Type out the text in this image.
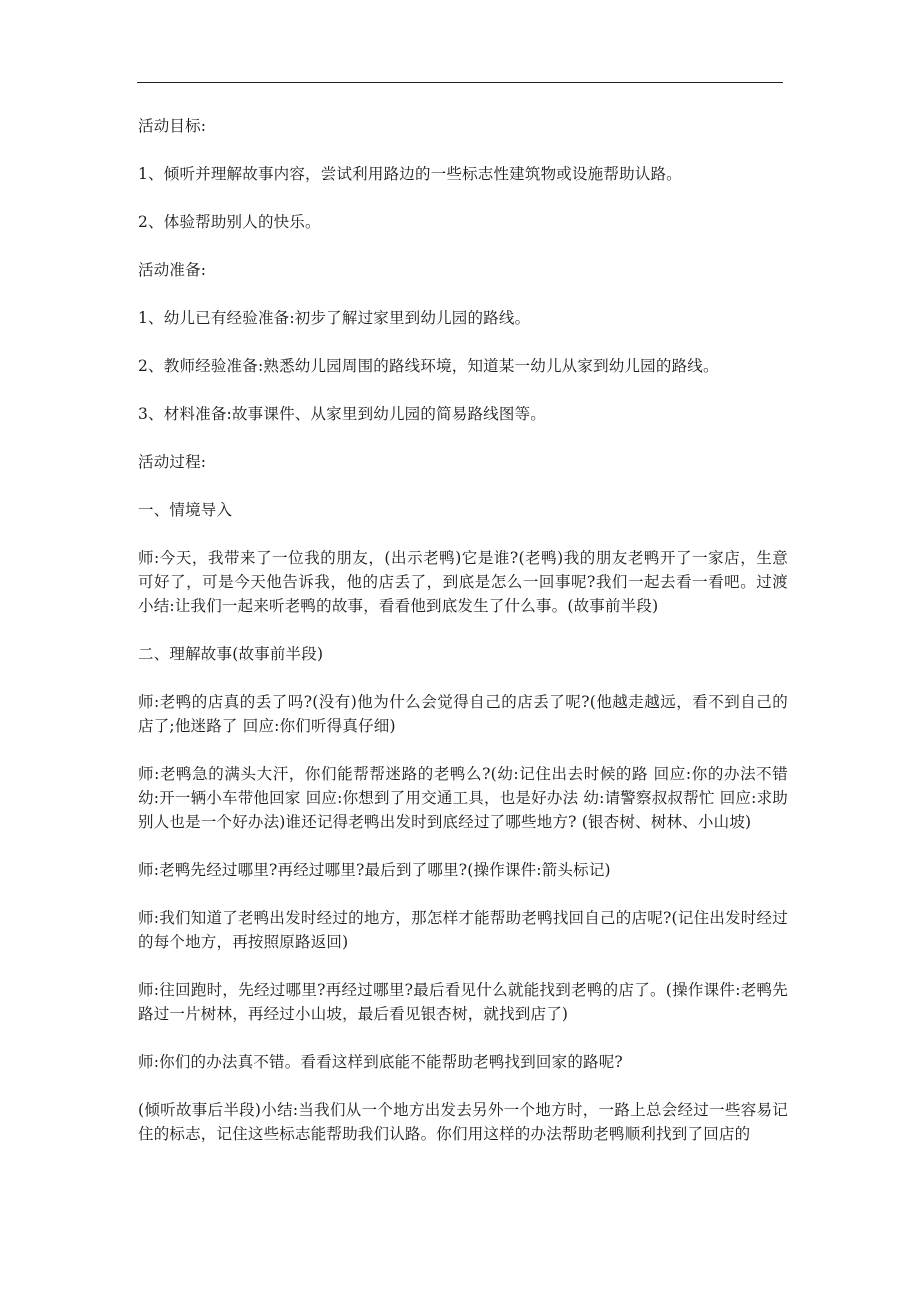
活动目标:

1、倾听并理解故事内容，尝试利用路边的一些标志性建筑物或设施帮助认路。

2、体验帮助别人的快乐。

活动准备:

1、幼儿已有经验准备:初步了解过家里到幼儿园的路线。

2、教师经验准备:熟悉幼儿园周围的路线环境，知道某一幼儿从家到幼儿园的路线。

3、材料准备:故事课件、从家里到幼儿园的简易路线图等。

活动过程:

一、情境导入

师:今天，我带来了一位我的朋友，(出示老鸭)它是谁?(老鸭)我的朋友老鸭开了一家店，生意可好了，可是今天他告诉我，他的店丢了，到底是怎么一回事呢?我们一起去看一看吧。过渡小结:让我们一起来听老鸭的故事，看看他到底发生了什么事。(故事前半段)

二、理解故事(故事前半段)

师:老鸭的店真的丢了吗?(没有)他为什么会觉得自己的店丢了呢?(他越走越远，看不到自己的店了;他迷路了 回应:你们听得真仔细)

师:老鸭急的满头大汗，你们能帮帮迷路的老鸭么?(幼:记住出去时候的路 回应:你的办法不错 幼:开一辆小车带他回家 回应:你想到了用交通工具，也是好办法 幼:请警察叔叔帮忙 回应:求助别人也是一个好办法)谁还记得老鸭出发时到底经过了哪些地方? (银杏树、树林、小山坡)

师:老鸭先经过哪里?再经过哪里?最后到了哪里?(操作课件:箭头标记)

师:我们知道了老鸭出发时经过的地方，那怎样才能帮助老鸭找回自己的店呢?(记住出发时经过的每个地方，再按照原路返回)

师:往回跑时，先经过哪里?再经过哪里?最后看见什么就能找到老鸭的店了。(操作课件:老鸭先路过一片树林，再经过小山坡，最后看见银杏树，就找到店了)

师:你们的办法真不错。看看这样到底能不能帮助老鸭找到回家的路呢?

(倾听故事后半段)小结:当我们从一个地方出发去另外一个地方时，一路上总会经过一些容易记住的标志，记住这些标志能帮助我们认路。你们用这样的办法帮助老鸭顺利找到了回店的
